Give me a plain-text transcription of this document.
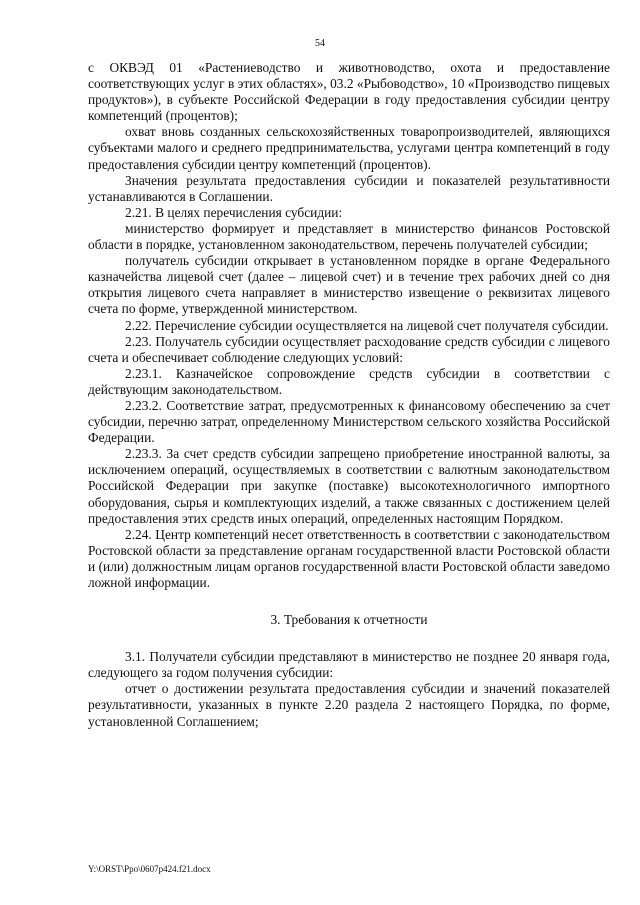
54

с ОКВЭД 01 «Растениеводство и животноводство, охота и предоставление соответствующих услуг в этих областях», 03.2 «Рыбоводство», 10 «Производство пищевых продуктов»), в субъекте Российской Федерации в году предоставления субсидии центру компетенций (процентов);

охват вновь созданных сельскохозяйственных товаропроизводителей, являющихся субъектами малого и среднего предпринимательства, услугами центра компетенций в году предоставления субсидии центру компетенций (процентов).

Значения результата предоставления субсидии и показателей результативности устанавливаются в Соглашении.

2.21. В целях перечисления субсидии:

министерство формирует и представляет в министерство финансов Ростовской области в порядке, установленном законодательством, перечень получателей субсидии;

получатель субсидии открывает в установленном порядке в органе Федерального казначейства лицевой счет (далее – лицевой счет) и в течение трех рабочих дней со дня открытия лицевого счета направляет в министерство извещение о реквизитах лицевого счета по форме, утвержденной министерством.

2.22. Перечисление субсидии осуществляется на лицевой счет получателя субсидии.

2.23. Получатель субсидии осуществляет расходование средств субсидии с лицевого счета и обеспечивает соблюдение следующих условий:

2.23.1. Казначейское сопровождение средств субсидии в соответствии с действующим законодательством.

2.23.2. Соответствие затрат, предусмотренных к финансовому обеспечению за счет субсидии, перечню затрат, определенному Министерством сельского хозяйства Российской Федерации.

2.23.3. За счет средств субсидии запрещено приобретение иностранной валюты, за исключением операций, осуществляемых в соответствии с валютным законодательством Российской Федерации при закупке (поставке) высокотехнологичного импортного оборудования, сырья и комплектующих изделий, а также связанных с достижением целей предоставления этих средств иных операций, определенных настоящим Порядком.

2.24. Центр компетенций несет ответственность в соответствии с законодательством Ростовской области за представление органам государственной власти Ростовской области и (или) должностным лицам органов государственной власти Ростовской области заведомо ложной информации.

3. Требования к отчетности

3.1. Получатели субсидии представляют в министерство не позднее 20 января года, следующего за годом получения субсидии:

отчет о достижении результата предоставления субсидии и значений показателей результативности, указанных в пункте 2.20 раздела 2 настоящего Порядка, по форме, установленной Соглашением;

Y:\ORST\Ppo\0607p424.f21.docx
